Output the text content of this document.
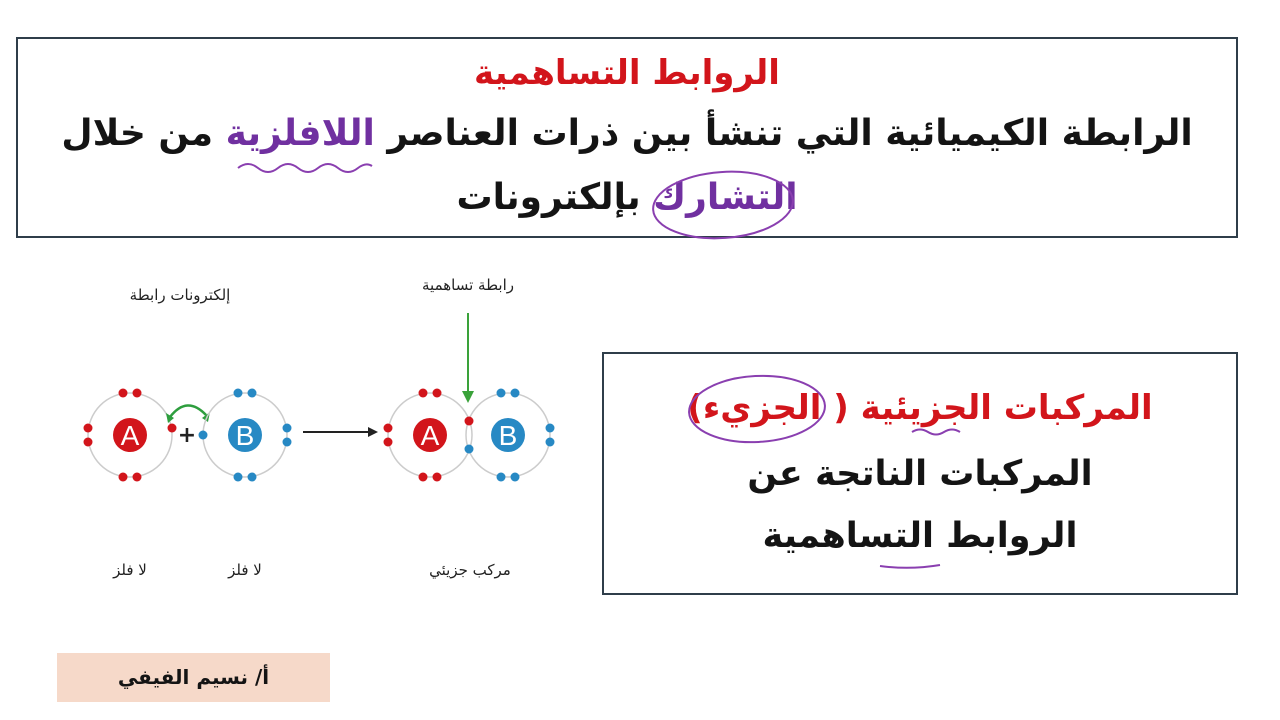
الروابط التساهمية
الرابطة الكيميائية التي تنشأ بين ذرات العناصر اللافلزية من خلال
التشارك بإلكترونات
المركبات الجزيئية ( الجزيء)
المركبات الناتجة عن
الروابط التساهمية
إلكترونات رابطة
رابطة تساهمية
A + B	A B
لا فلز	لا فلز	مركب جزيئي
أ/ نسيم الفيفي
